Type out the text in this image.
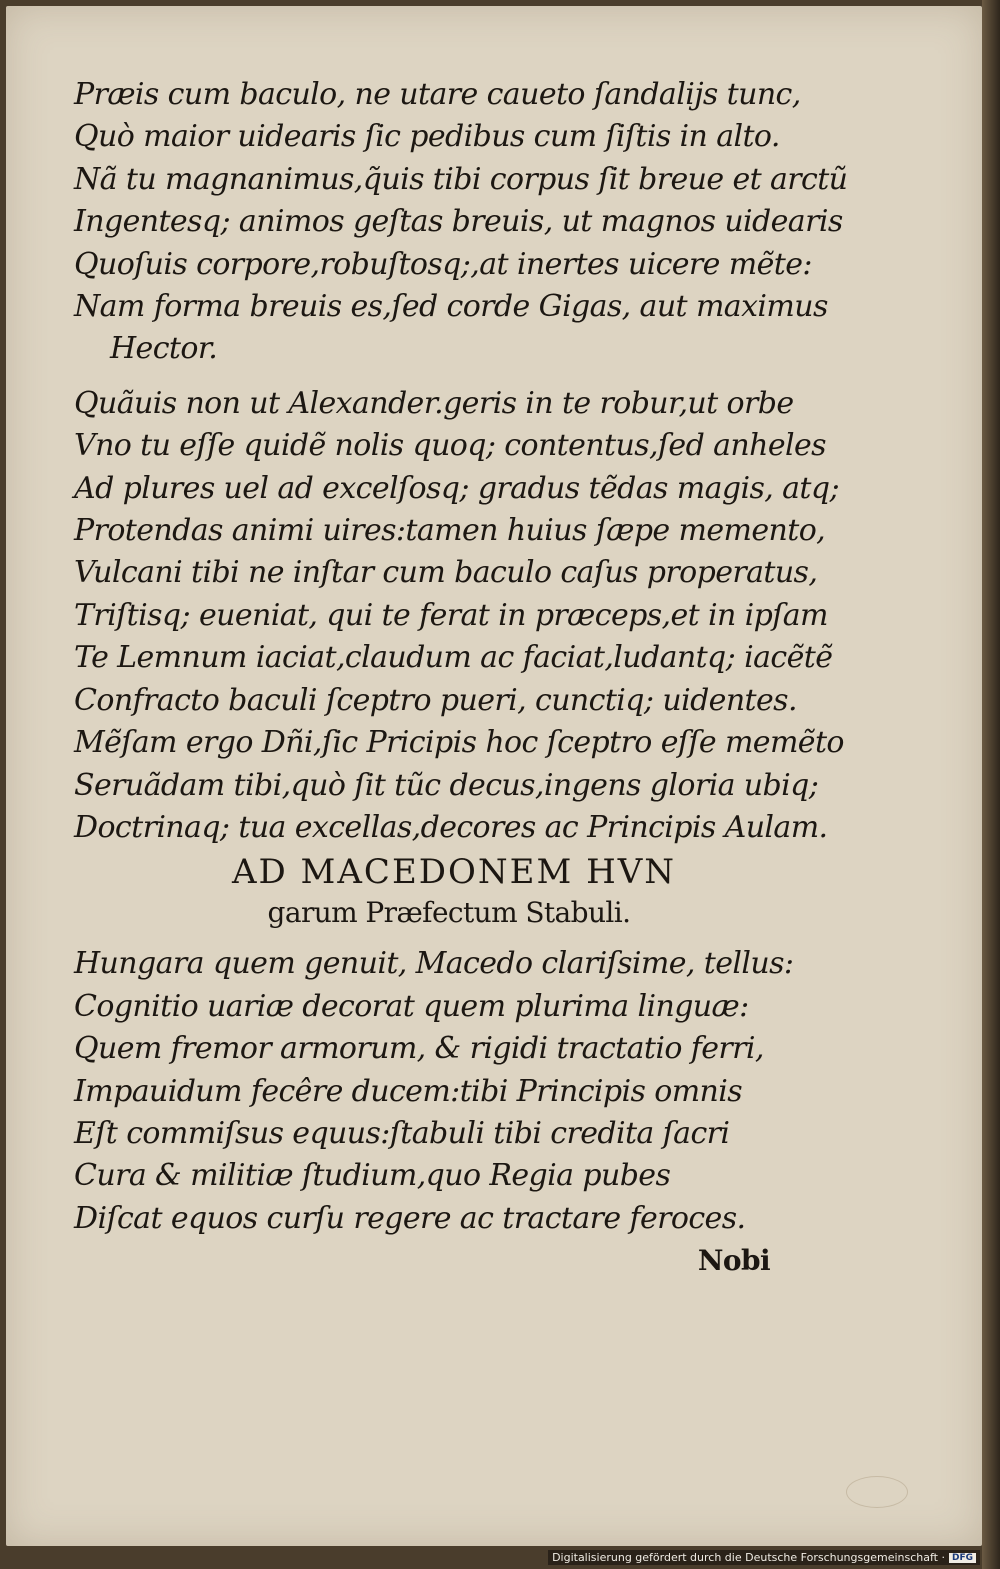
Præis cum baculo, ne utare caueto ſandalijs tunc,
Quò maior uidearis ſic pedibus cum ſiſtis in alto.
Nã tu magnanimus,q̃uis tibi corpus ſit breue et arctũ
Ingentesq; animos geſtas breuis, ut magnos uidearis
Quoſuis corpore,robuſtosq;,at inertes uicere mẽte:
Nam forma breuis es,ſed corde Gigas, aut maximus
Hector.
Quãuis non ut Alexander.geris in te robur,ut orbe
Vno tu eſſe quidẽ nolis quoq; contentus,ſed anheles
Ad plures uel ad excelſosq; gradus tẽdas magis, atq;
Protendas animi uires:tamen huius ſæpe memento,
Vulcani tibi ne inſtar cum baculo caſus properatus,
Triſtisq; eueniat, qui te ferat in præceps,et in ipſam
Te Lemnum iaciat,claudum ac faciat,ludantq; iacẽtẽ
Confracto baculi ſceptro pueri, cunctiq; uidentes.
Mẽſam ergo Dñi,ſic Pricipis hoc ſceptro eſſe memẽto
Seruãdam tibi,quò ſit tũc decus,ingens gloria ubiq;
Doctrinaq; tua excellas,decores ac Principis Aulam.
AD MACEDONEM HVN
garum Præfectum Stabuli.
Hungara quem genuit, Macedo clariſsime, tellus:
Cognitio uariæ decorat quem plurima linguæ:
Quem fremor armorum, & rigidi tractatio ferri,
Impauidum fecêre ducem:tibi Principis omnis
Eſt commiſsus equus:ſtabuli tibi credita ſacri
Cura & militiæ ſtudium,quo Regia pubes
Diſcat equos curſu regere ac tractare feroces.
Nobi
Digitalisierung gefördert durch die Deutsche Forschungsgemeinschaft · DFG
